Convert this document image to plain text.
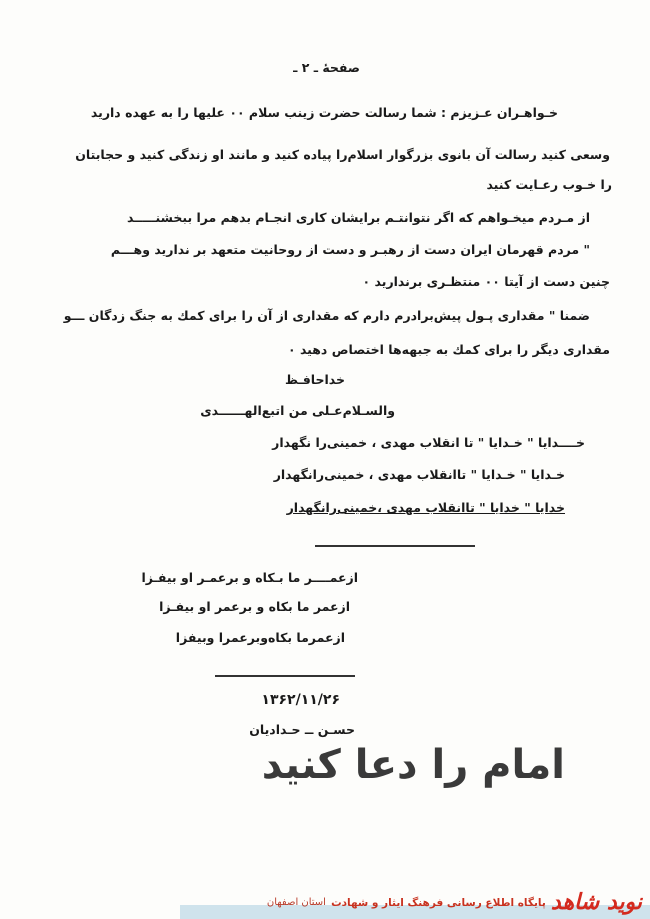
صفحهٔ ـ ۲ ـ
خـواهـران عـزیزم : شما رسالت حضرت زینب سلام ۰۰ علیها را به عهده دارید
وسعی کنید رسالت آن بانوی بزرگوار اسلام‌را پیاده کنید و مانند او زندگی کنید و حجابتان
را خـوب رعـایت کنید
از مـردم میخـواهم که اگر نتوانتـم برایشان کاری انجـام بدهم مرا ببخشنـــــد
" مردم قهرمان ایران دست از رهبـر و دست از روحانیت متعهد بر ندارید وهـــم
چنین دست از آیتا ۰۰ منتظـری برندارید ۰
ضمنا " مقداری پـول پیش‌برادرم دارم که مقداری از آن را برای کمك به جنگ زدگان ـــو
مقداری دیگر را برای کمك به جبهه‌ها اختصاص دهید ۰
خداحافـظ
والسـلام‌عـلی من اتبع‌الهــــــدی
خــــدایا " خـدایا " تا انقلاب مهدی ، خمینی‌را نگهدار
خـدایا " خـدایا " تاانقلاب مهدی ، خمینی‌رانگهدار
خدایا " خدایا " تاانقلاب مهدی ،خمینی‌رانگهدار
ازعمــــر ما بـکاه و برعمـر او بیفـزا
ازعمر ما بکاه و برعمر او بیفـزا
ازعمرما بکاه‌وبرعمرا وبیفزا
۱۳۶۲/۱۱/۲۶
حسـن ــ حـدادیان
امام را دعا کنید
نوید شاهد پایگاه اطلاع رسانی فرهنگ ایثار و شهادت استان اصفهان
